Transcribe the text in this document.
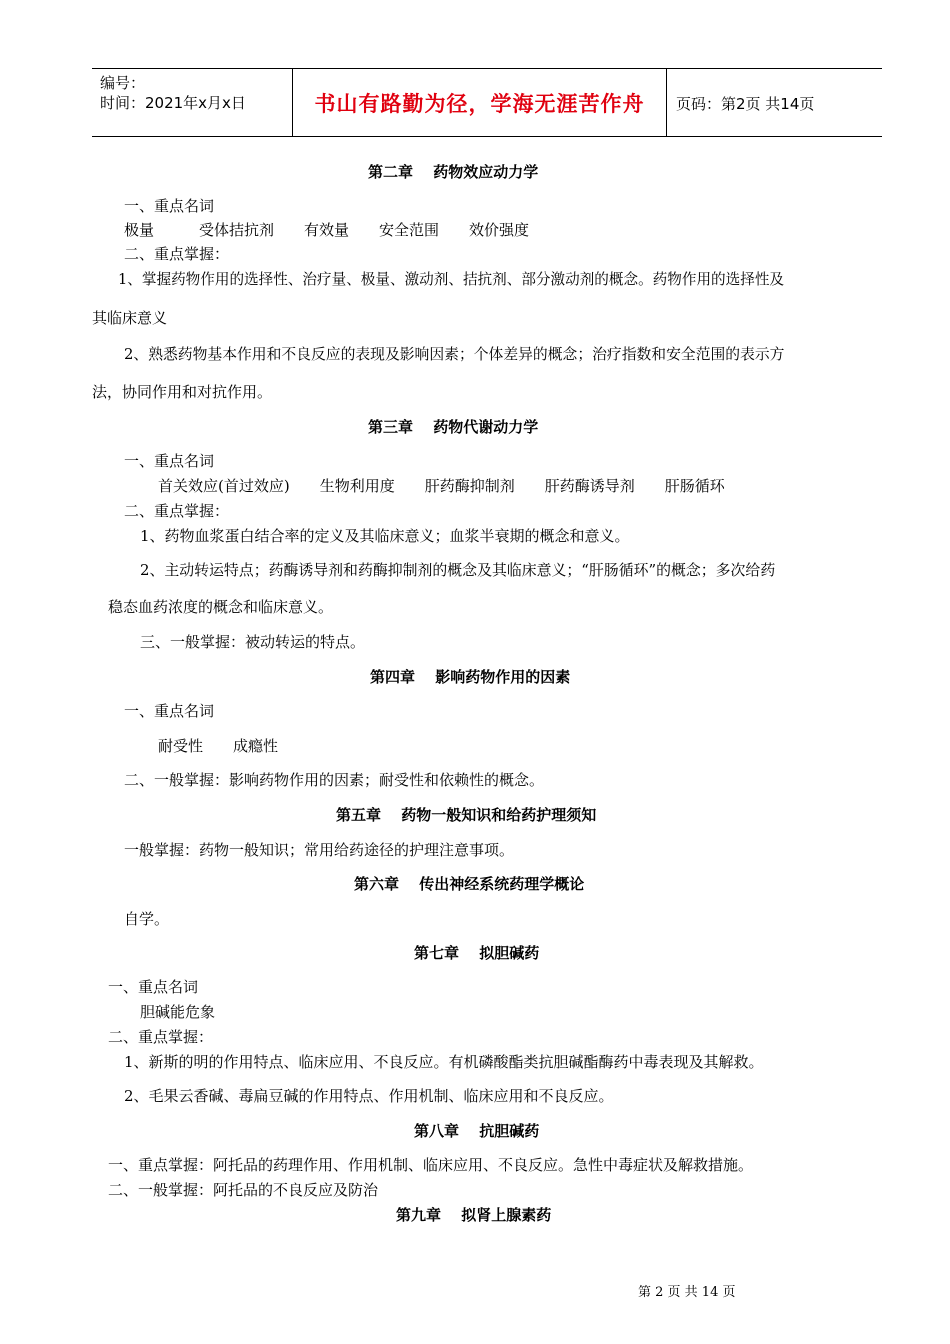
编号：
时间：2021年x月x日	书山有路勤为径，学海无涯苦作舟	页码：第2页 共14页
第二章　 药物效应动力学
一、重点名词
极量　　　受体拮抗剂　　有效量　　安全范围　　效价强度
二、重点掌握：
1、掌握药物作用的选择性、治疗量、极量、激动剂、拮抗剂、部分激动剂的概念。药物作用的选择性及
其临床意义
2、熟悉药物基本作用和不良反应的表现及影响因素；个体差异的概念；治疗指数和安全范围的表示方
法，协同作用和对抗作用。
第三章　 药物代谢动力学
一、重点名词
首关效应(首过效应)　　生物利用度　　肝药酶抑制剂　　肝药酶诱导剂　　肝肠循环
二、重点掌握：
1、药物血浆蛋白结合率的定义及其临床意义；血浆半衰期的概念和意义。
2、主动转运特点；药酶诱导剂和药酶抑制剂的概念及其临床意义；“肝肠循环”的概念；多次给药
稳态血药浓度的概念和临床意义。
三、一般掌握：被动转运的特点。
第四章　 影响药物作用的因素
一、重点名词
耐受性　　成瘾性
二、一般掌握：影响药物作用的因素；耐受性和依赖性的概念。
第五章　 药物一般知识和给药护理须知
一般掌握：药物一般知识；常用给药途径的护理注意事项。
第六章　 传出神经系统药理学概论
自学。
第七章　 拟胆碱药
一、重点名词
胆碱能危象
二、重点掌握：
1、新斯的明的作用特点、临床应用、不良反应。有机磷酸酯类抗胆碱酯酶药中毒表现及其解救。
2、毛果云香碱、毒扁豆碱的作用特点、作用机制、临床应用和不良反应。
第八章　 抗胆碱药
一、重点掌握：阿托品的药理作用、作用机制、临床应用、不良反应。急性中毒症状及解救措施。
二、一般掌握：阿托品的不良反应及防治
第九章　 拟肾上腺素药
第 2 页 共 14 页
